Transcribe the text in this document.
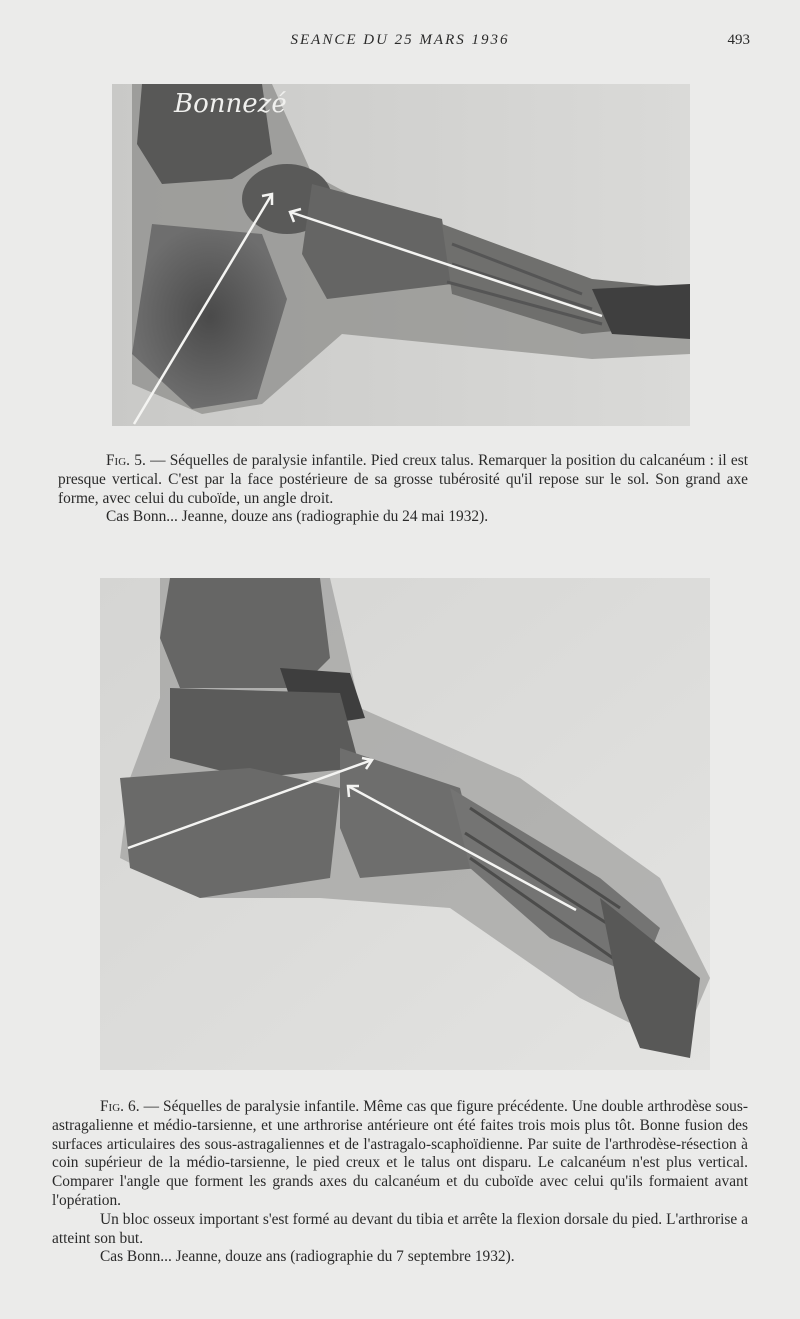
SEANCE DU 25 MARS 1936	493
Bonnezé

Fig. 5. — Séquelles de paralysie infantile. Pied creux talus. Remarquer la position du calcanéum : il est presque vertical. C'est par la face postérieure de sa grosse tubérosité qu'il repose sur le sol. Son grand axe forme, avec celui du cuboïde, un angle droit.

Cas Bonn... Jeanne, douze ans (radiographie du 24 mai 1932).

Fig. 6. — Séquelles de paralysie infantile. Même cas que figure précédente. Une double arthrodèse sous-astragalienne et médio-tarsienne, et une arthrorise antérieure ont été faites trois mois plus tôt. Bonne fusion des surfaces articulaires des sous-astragaliennes et de l'astragalo-scaphoïdienne. Par suite de l'arthrodèse-résection à coin supérieur de la médio-tarsienne, le pied creux et le talus ont disparu. Le calcanéum n'est plus vertical. Comparer l'angle que forment les grands axes du calcanéum et du cuboïde avec celui qu'ils formaient avant l'opération.

Un bloc osseux important s'est formé au devant du tibia et arrête la flexion dorsale du pied. L'arthrorise a atteint son but.

Cas Bonn... Jeanne, douze ans (radiographie du 7 septembre 1932).
